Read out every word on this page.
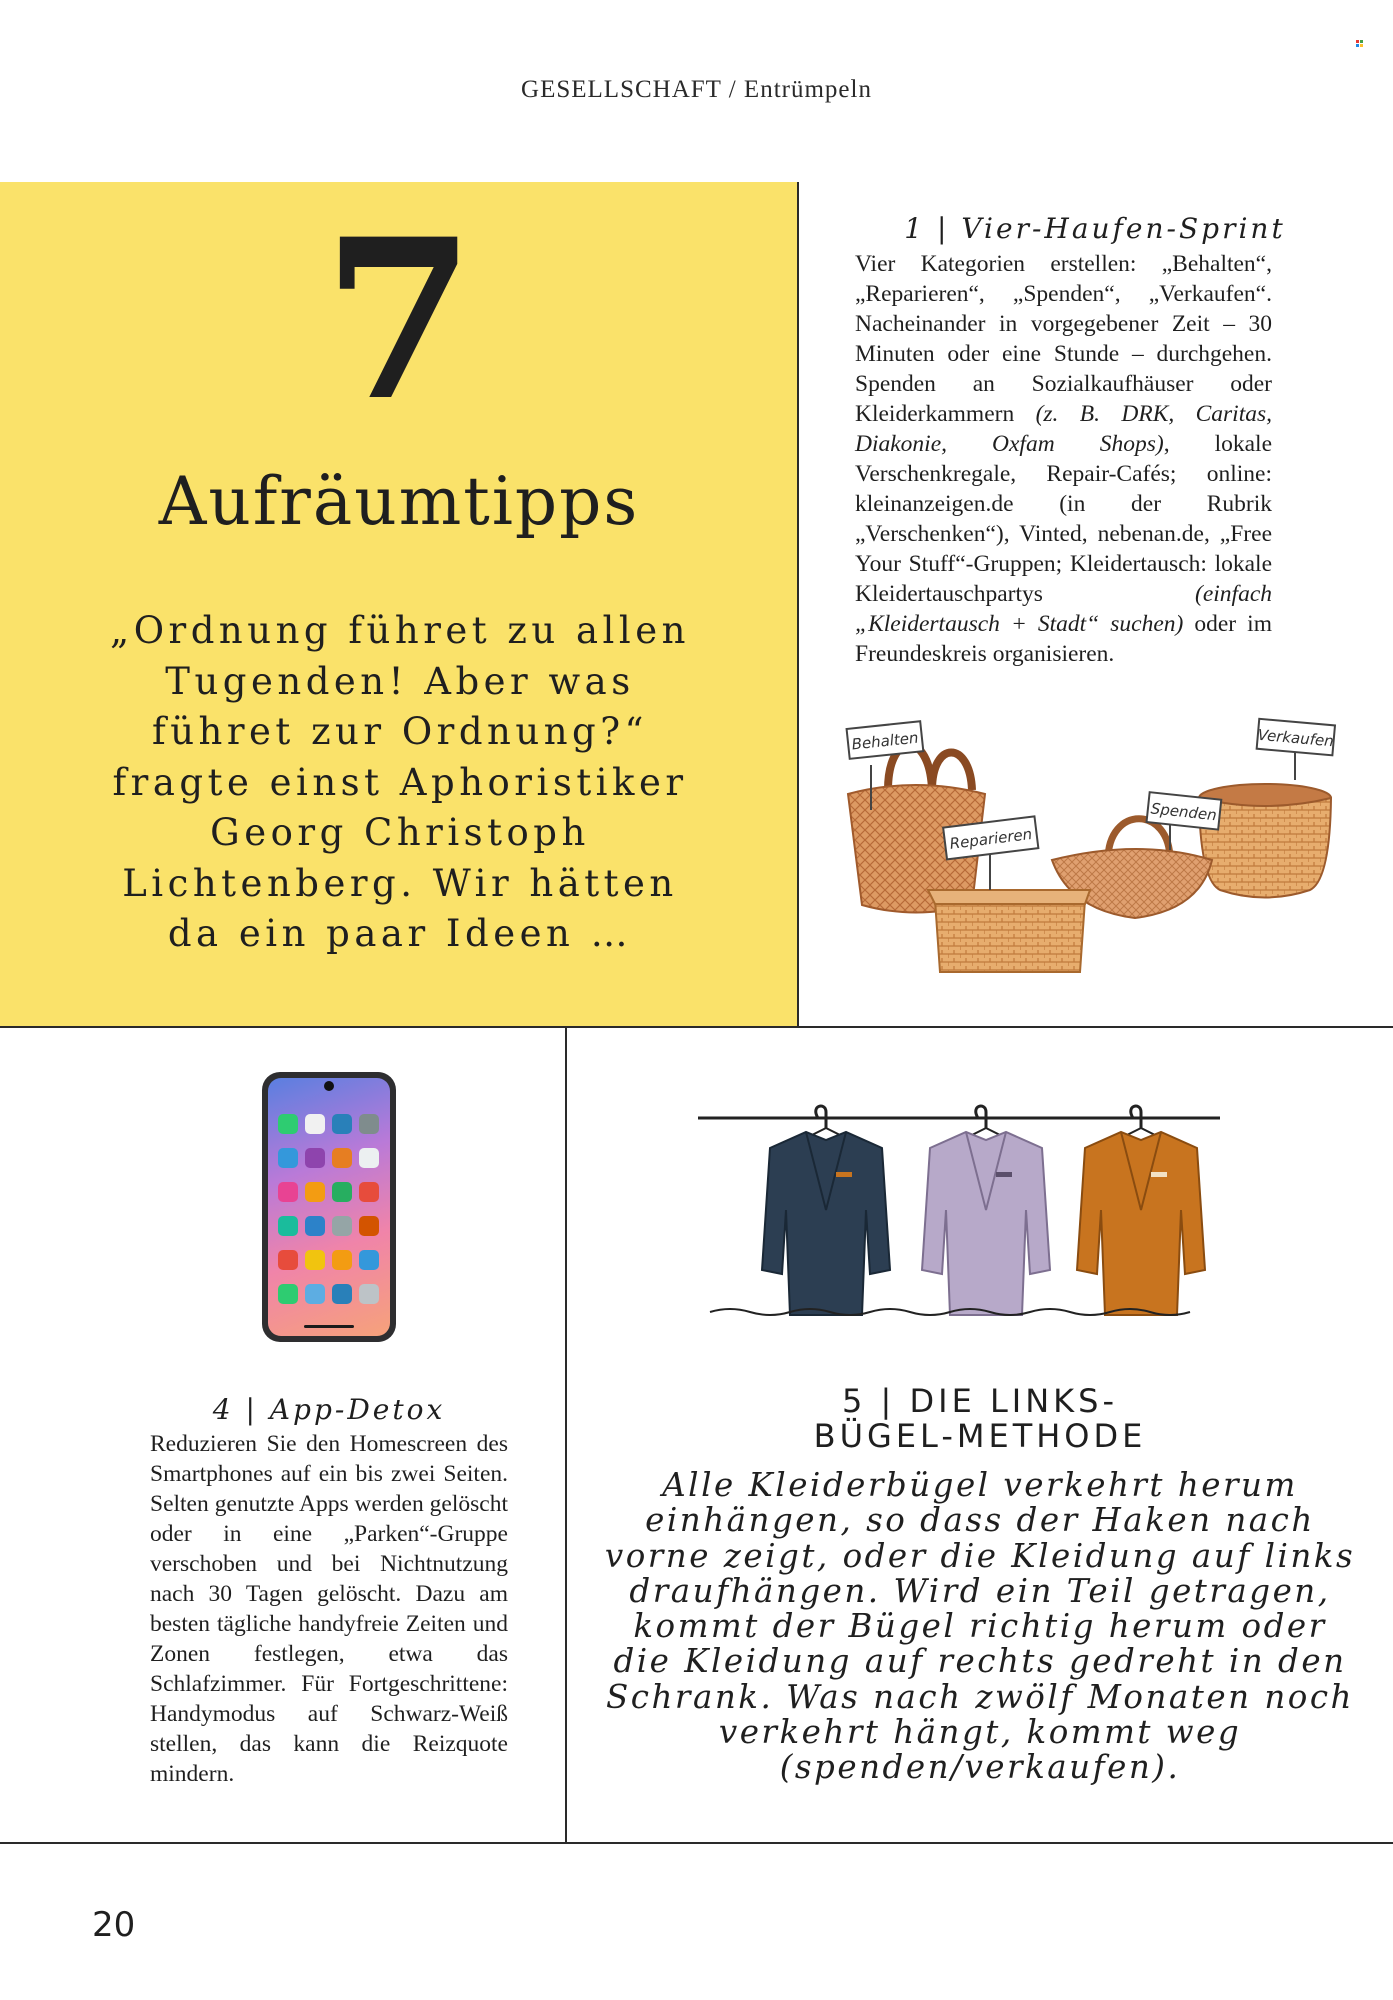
GESELLSCHAFT / Entrümpeln
7
Aufräumtipps
„Ordnung führet zu allen Tugenden! Aber was führet zur Ordnung?“ fragte einst Aphoristiker Georg Christoph Lichtenberg. Wir hätten da ein paar Ideen …
1 | Vier-Haufen-Sprint
Vier Kategorien erstellen: „Behalten“, „Reparieren“, „Spenden“, „Verkaufen“. Nacheinander in vorgegebener Zeit – 30 Minuten oder eine Stunde – durchgehen. Spenden an Sozialkaufhäuser oder Kleiderkammern (z. B. DRK, Caritas, Diakonie, Oxfam Shops), lokale Verschenkregale, Repair-Cafés; online: kleinanzeigen.de (in der Rubrik „Verschenken“), Vinted, nebenan.de, „Free Your Stuff“-Gruppen; Kleidertausch: lokale Kleidertauschpartys (einfach „Kleidertausch + Stadt“ suchen) oder im Freundeskreis organisieren.
Behalten	Verkaufen
Spenden
Reparieren
4 | App-Detox
Reduzieren Sie den Homescreen des Smartphones auf ein bis zwei Seiten. Selten genutzte Apps werden gelöscht oder in eine „Parken“-Gruppe verschoben und bei Nichtnutzung nach 30 Tagen gelöscht. Dazu am besten tägliche handyfreie Zeiten und Zonen festlegen, etwa das Schlafzimmer. Für Fortgeschrittene: Handymodus auf Schwarz-Weiß stellen, das kann die Reizquote mindern.
5 | DIE LINKS-
BÜGEL-METHODE
Alle Kleiderbügel verkehrt herum einhängen, so dass der Haken nach vorne zeigt, oder die Kleidung auf links draufhängen. Wird ein Teil getragen, kommt der Bügel richtig herum oder die Kleidung auf rechts gedreht in den Schrank. Was nach zwölf Monaten noch verkehrt hängt, kommt weg (spenden/verkaufen).
20
